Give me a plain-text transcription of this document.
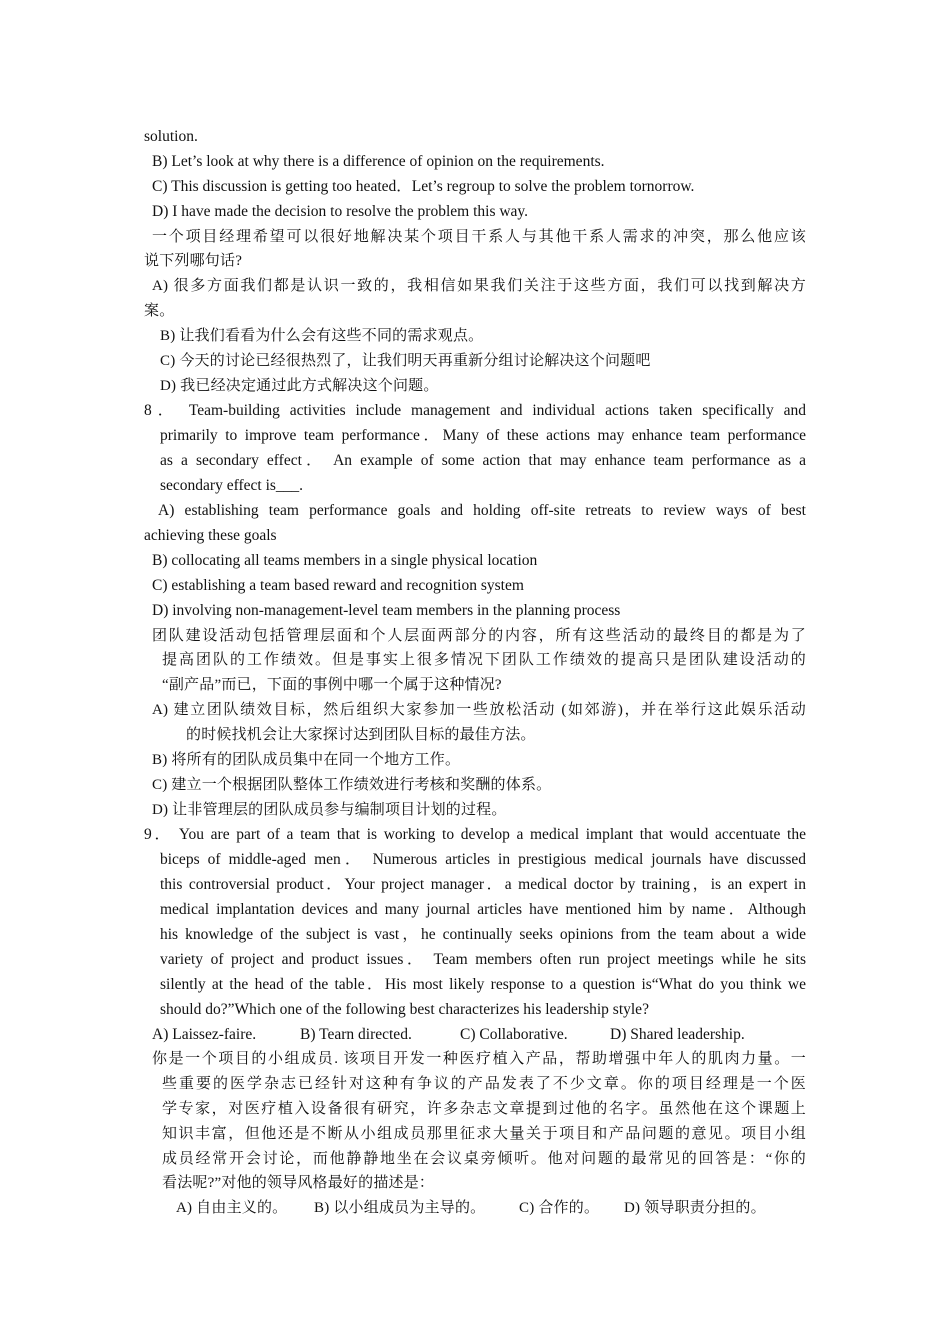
solution.
B) Let’s look at why there is a difference of opinion on the requirements.
C) This discussion is getting too heated．Let’s regroup to solve the problem tornorrow.
D) I have made the decision to resolve the problem this way.
一个项目经理希望可以很好地解决某个项目干系人与其他干系人需求的冲突，那么他应该
说下列哪句话?
A) 很多方面我们都是认识一致的，我相信如果我们关注于这些方面，我们可以找到解决方
案。
B) 让我们看看为什么会有这些不同的需求观点。
C) 今天的讨论已经很热烈了，让我们明天再重新分组讨论解决这个问题吧
D) 我已经决定通过此方式解决这个问题。
8． Team-building activities include management and individual actions taken specifically and
primarily to improve team performance．Many of these actions may enhance team performance
as a secondary effect． An example of some action that may enhance team performance as a
secondary effect is___.
A) establishing team performance goals and holding off-site retreats to review ways of best
achieving these goals
B) collocating all teams members in a single physical location
C) establishing a team based reward and recognition system
D) involving non-management-level team members in the planning process
团队建设活动包括管理层面和个人层面两部分的内容，所有这些活动的最终目的都是为了
提高团队的工作绩效。但是事实上很多情况下团队工作绩效的提高只是团队建设活动的
“副产品”而已，下面的事例中哪一个属于这种情况?
A) 建立团队绩效目标，然后组织大家参加一些放松活动 (如郊游)，并在举行这此娱乐活动
的时候找机会让大家探讨达到团队目标的最佳方法。
B) 将所有的团队成员集中在同一个地方工作。
C) 建立一个根据团队整体工作绩效进行考核和奖酬的体系。
D) 让非管理层的团队成员参与编制项目计划的过程。
9． You are part of a team that is working to develop a medical implant that would accentuate the
biceps of middle-aged men． Numerous articles in prestigious medical journals have discussed
this controversial product．Your project manager．a medical doctor by training，is an expert in
medical implantation devices and many journal articles have mentioned him by name．Although
his knowledge of the subject is vast，he continually seeks opinions from the team about a wide
variety of project and product issues． Team members often run project meetings while he sits
silently at the head of the table．His most likely response to a question is“What do you think we
should do?”Which one of the following best characterizes his leadership style?
A) Laissez-faire.	B) Tearn directed.	C) Collaborative.	D) Shared leadership.
你是一个项目的小组成员. 该项目开发一种医疗植入产品，帮助增强中年人的肌肉力量。一
些重要的医学杂志已经针对这种有争议的产品发表了不少文章。你的项目经理是一个医
学专家，对医疗植入设备很有研究，许多杂志文章提到过他的名字。虽然他在这个课题上
知识丰富，但他还是不断从小组成员那里征求大量关于项目和产品问题的意见。项目小组
成员经常开会讨论，而他静静地坐在会议桌旁倾听。他对问题的最常见的回答是：“你的
看法呢?”对他的领导风格最好的描述是：
A) 自由主义的。 B) 以小组成员为主导的。 C) 合作的。 D) 领导职责分担的。
